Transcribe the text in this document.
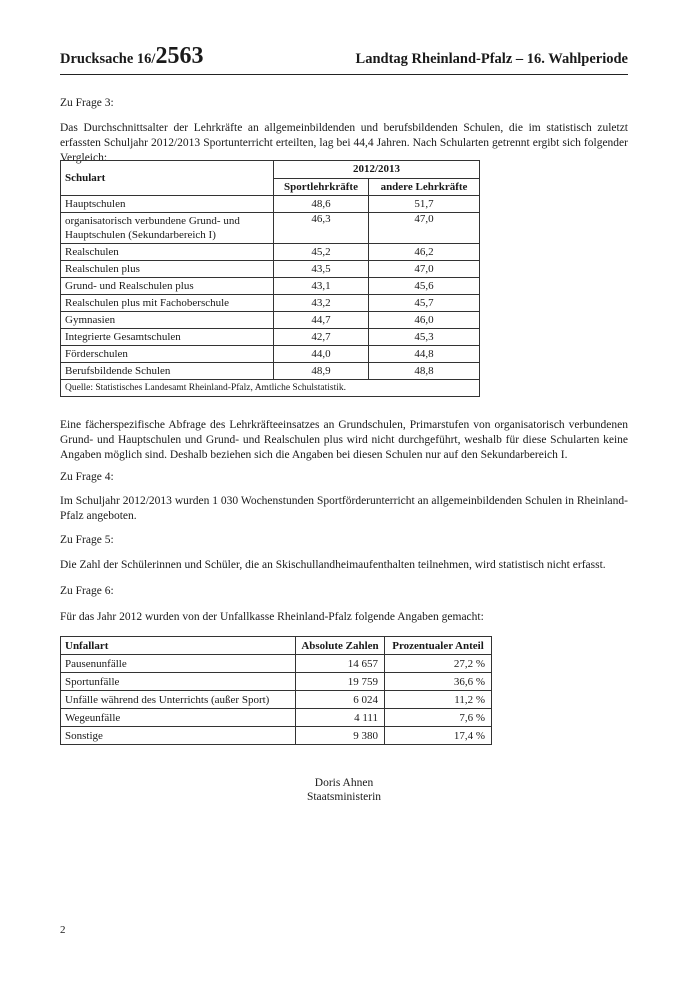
Drucksache 16/2563	Landtag Rheinland-Pfalz – 16. Wahlperiode
Zu Frage 3:
Das Durchschnittsalter der Lehrkräfte an allgemeinbildenden und berufsbildenden Schulen, die im statistisch zuletzt erfassten Schuljahr 2012/2013 Sportunterricht erteilten, lag bei 44,4 Jahren. Nach Schularten getrennt ergibt sich folgender Vergleich:
Schulart	2012/2013	
	Sportlehrkräfte	andere Lehrkräfte
Hauptschulen	48,6	51,7
organisatorisch verbundene Grund- und Hauptschulen (Sekundarbereich I)	46,3	47,0
Realschulen	45,2	46,2
Realschulen plus	43,5	47,0
Grund- und Realschulen plus	43,1	45,6
Realschulen plus mit Fachoberschule	43,2	45,7
Gymnasien	44,7	46,0
Integrierte Gesamtschulen	42,7	45,3
Förderschulen	44,0	44,8
Berufsbildende Schulen	48,9	48,8
Quelle: Statistisches Landesamt Rheinland-Pfalz, Amtliche Schulstatistik.		
Eine fächerspezifische Abfrage des Lehrkräfteeinsatzes an Grundschulen, Primarstufen von organisatorisch verbundenen Grund- und Hauptschulen und Grund- und Realschulen plus wird nicht durchgeführt, weshalb für diese Schularten keine Angaben möglich sind. Deshalb beziehen sich die Angaben bei diesen Schulen nur auf den Sekundarbereich I.
Zu Frage 4:
Im Schuljahr 2012/2013 wurden 1 030 Wochenstunden Sportförderunterricht an allgemeinbildenden Schulen in Rheinland-Pfalz angeboten.
Zu Frage 5:
Die Zahl der Schülerinnen und Schüler, die an Skischullandheimaufenthalten teilnehmen, wird statistisch nicht erfasst.
Zu Frage 6:
Für das Jahr 2012 wurden von der Unfallkasse Rheinland-Pfalz folgende Angaben gemacht:
Unfallart	Absolute Zahlen	Prozentualer Anteil
Pausenunfälle	14 657	27,2 %
Sportunfälle	19 759	36,6 %
Unfälle während des Unterrichts (außer Sport)	6 024	11,2 %
Wegeunfälle	4 111	7,6 %
Sonstige	9 380	17,4 %
Doris Ahnen
Staatsministerin
2
